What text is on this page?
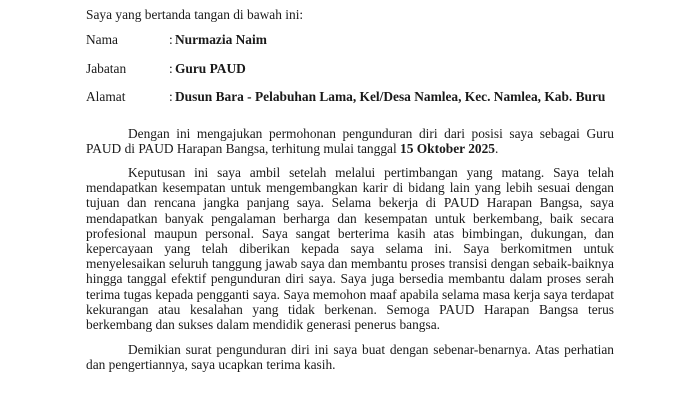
Saya yang bertanda tangan di bawah ini:
Nama	: Nurmazia Naim
Jabatan	: Guru PAUD
Alamat	: Dusun Bara - Pelabuhan Lama, Kel/Desa Namlea, Kec. Namlea, Kab. Buru

Dengan ini mengajukan permohonan pengunduran diri dari posisi saya sebagai Guru PAUD di PAUD Harapan Bangsa, terhitung mulai tanggal 15 Oktober 2025.

Keputusan ini saya ambil setelah melalui pertimbangan yang matang. Saya telah mendapatkan kesempatan untuk mengembangkan karir di bidang lain yang lebih sesuai dengan tujuan dan rencana jangka panjang saya. Selama bekerja di PAUD Harapan Bangsa, saya mendapatkan banyak pengalaman berharga dan kesempatan untuk berkembang, baik secara profesional maupun personal. Saya sangat berterima kasih atas bimbingan, dukungan, dan kepercayaan yang telah diberikan kepada saya selama ini. Saya berkomitmen untuk menyelesaikan seluruh tanggung jawab saya dan membantu proses transisi dengan sebaik-baiknya hingga tanggal efektif pengunduran diri saya. Saya juga bersedia membantu dalam proses serah terima tugas kepada pengganti saya. Saya memohon maaf apabila selama masa kerja saya terdapat kekurangan atau kesalahan yang tidak berkenan. Semoga PAUD Harapan Bangsa terus berkembang dan sukses dalam mendidik generasi penerus bangsa.

Demikian surat pengunduran diri ini saya buat dengan sebenar-benarnya. Atas perhatian dan pengertiannya, saya ucapkan terima kasih.
